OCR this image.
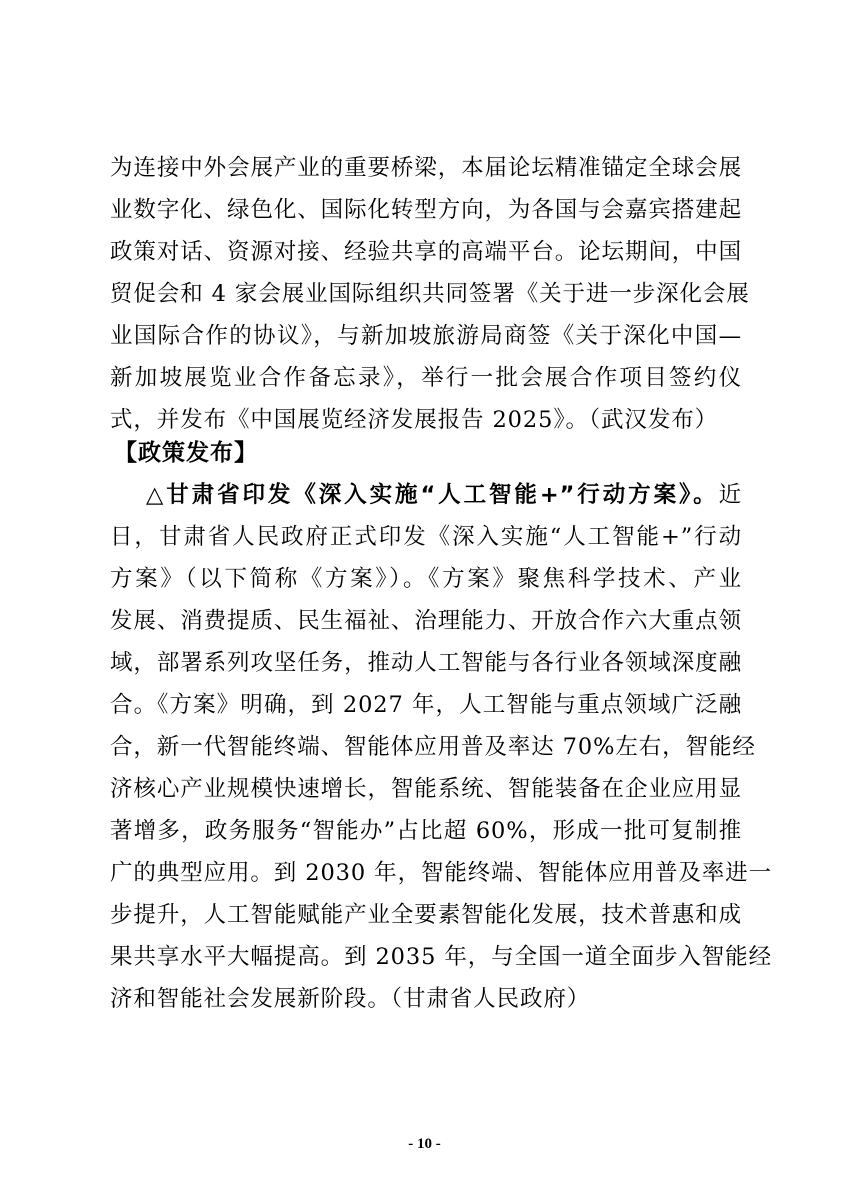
为连接中外会展产业的重要桥梁，本届论坛精准锚定全球会展
业数字化、绿色化、国际化转型方向，为各国与会嘉宾搭建起
政策对话、资源对接、经验共享的高端平台。论坛期间，中国
贸促会和 4 家会展业国际组织共同签署《关于进一步深化会展
业国际合作的协议》，与新加坡旅游局商签《关于深化中国—
新加坡展览业合作备忘录》，举行一批会展合作项目签约仪
式，并发布《中国展览经济发展报告 2025》。（武汉发布）
【政策发布】
△甘肃省印发《深入实施“人工智能+”行动方案》。近
日，甘肃省人民政府正式印发《深入实施“人工智能+”行动
方案》（以下简称《方案》）。《方案》聚焦科学技术、产业
发展、消费提质、民生福祉、治理能力、开放合作六大重点领
域，部署系列攻坚任务，推动人工智能与各行业各领域深度融
合。《方案》明确，到 2027 年，人工智能与重点领域广泛融
合，新一代智能终端、智能体应用普及率达 70%左右，智能经
济核心产业规模快速增长，智能系统、智能装备在企业应用显
著增多，政务服务“智能办”占比超 60%，形成一批可复制推
广的典型应用。到 2030 年，智能终端、智能体应用普及率进一
步提升，人工智能赋能产业全要素智能化发展，技术普惠和成
果共享水平大幅提高。到 2035 年，与全国一道全面步入智能经
济和智能社会发展新阶段。（甘肃省人民政府）
- 10 -
